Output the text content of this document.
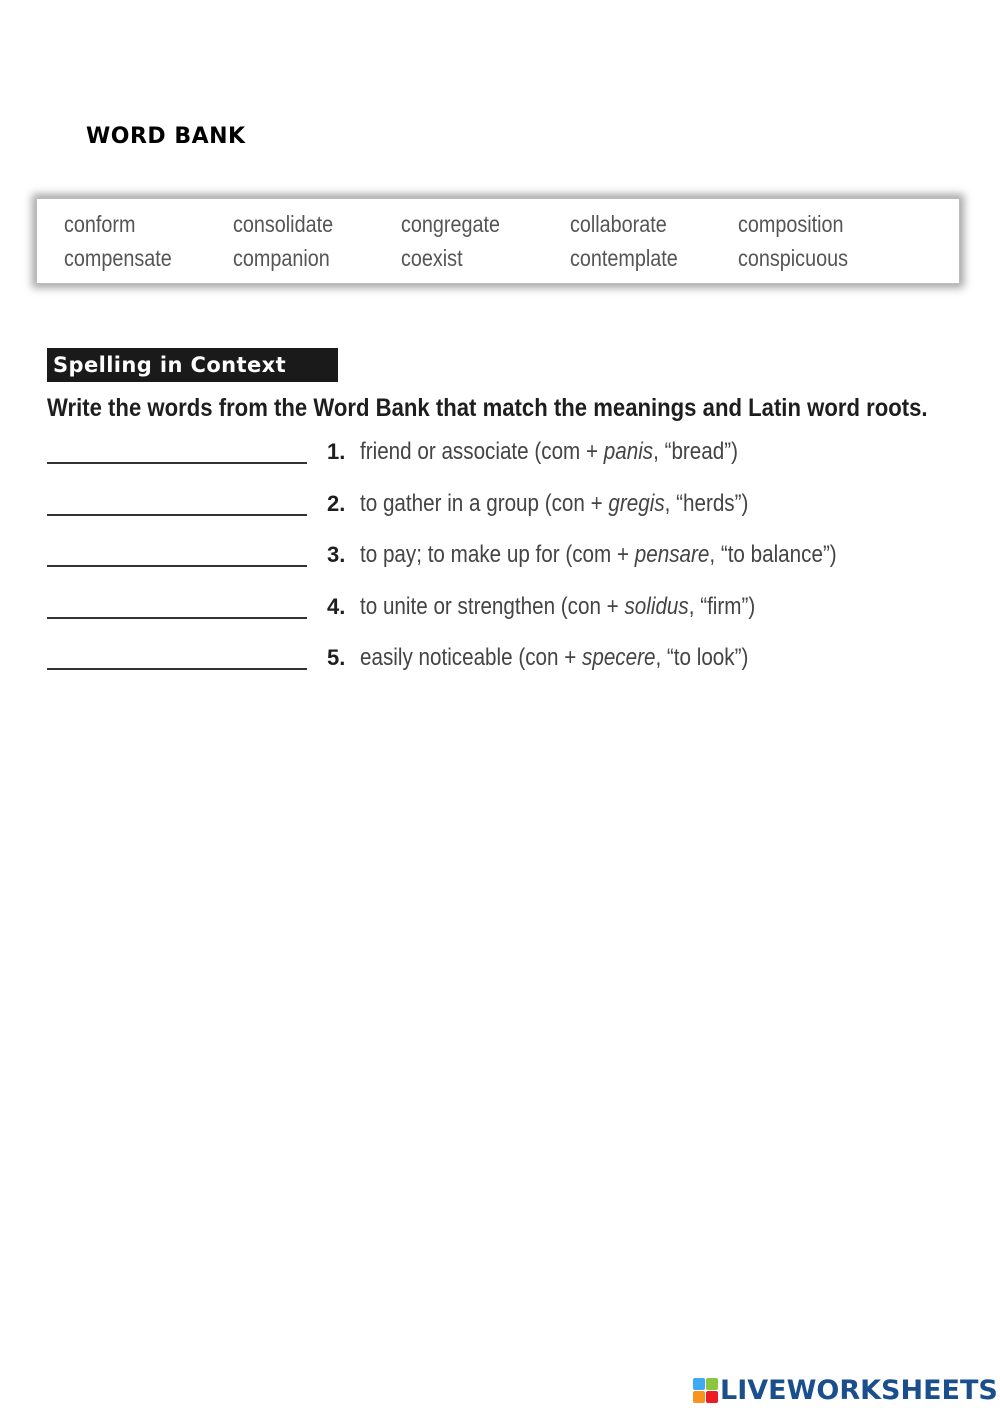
WORD BANK
conform	consolidate	congregate	collaborate	composition
compensate	companion	coexist	contemplate	conspicuous
Spelling in Context
Write the words from the Word Bank that match the meanings and Latin word roots.
1. friend or associate (com + panis, “bread”)
2. to gather in a group (con + gregis, “herds”)
3. to pay; to make up for (com + pensare, “to balance”)
4. to unite or strengthen (con + solidus, “firm”)
5. easily noticeable (con + specere, “to look”)
LIVEWORKSHEETS
